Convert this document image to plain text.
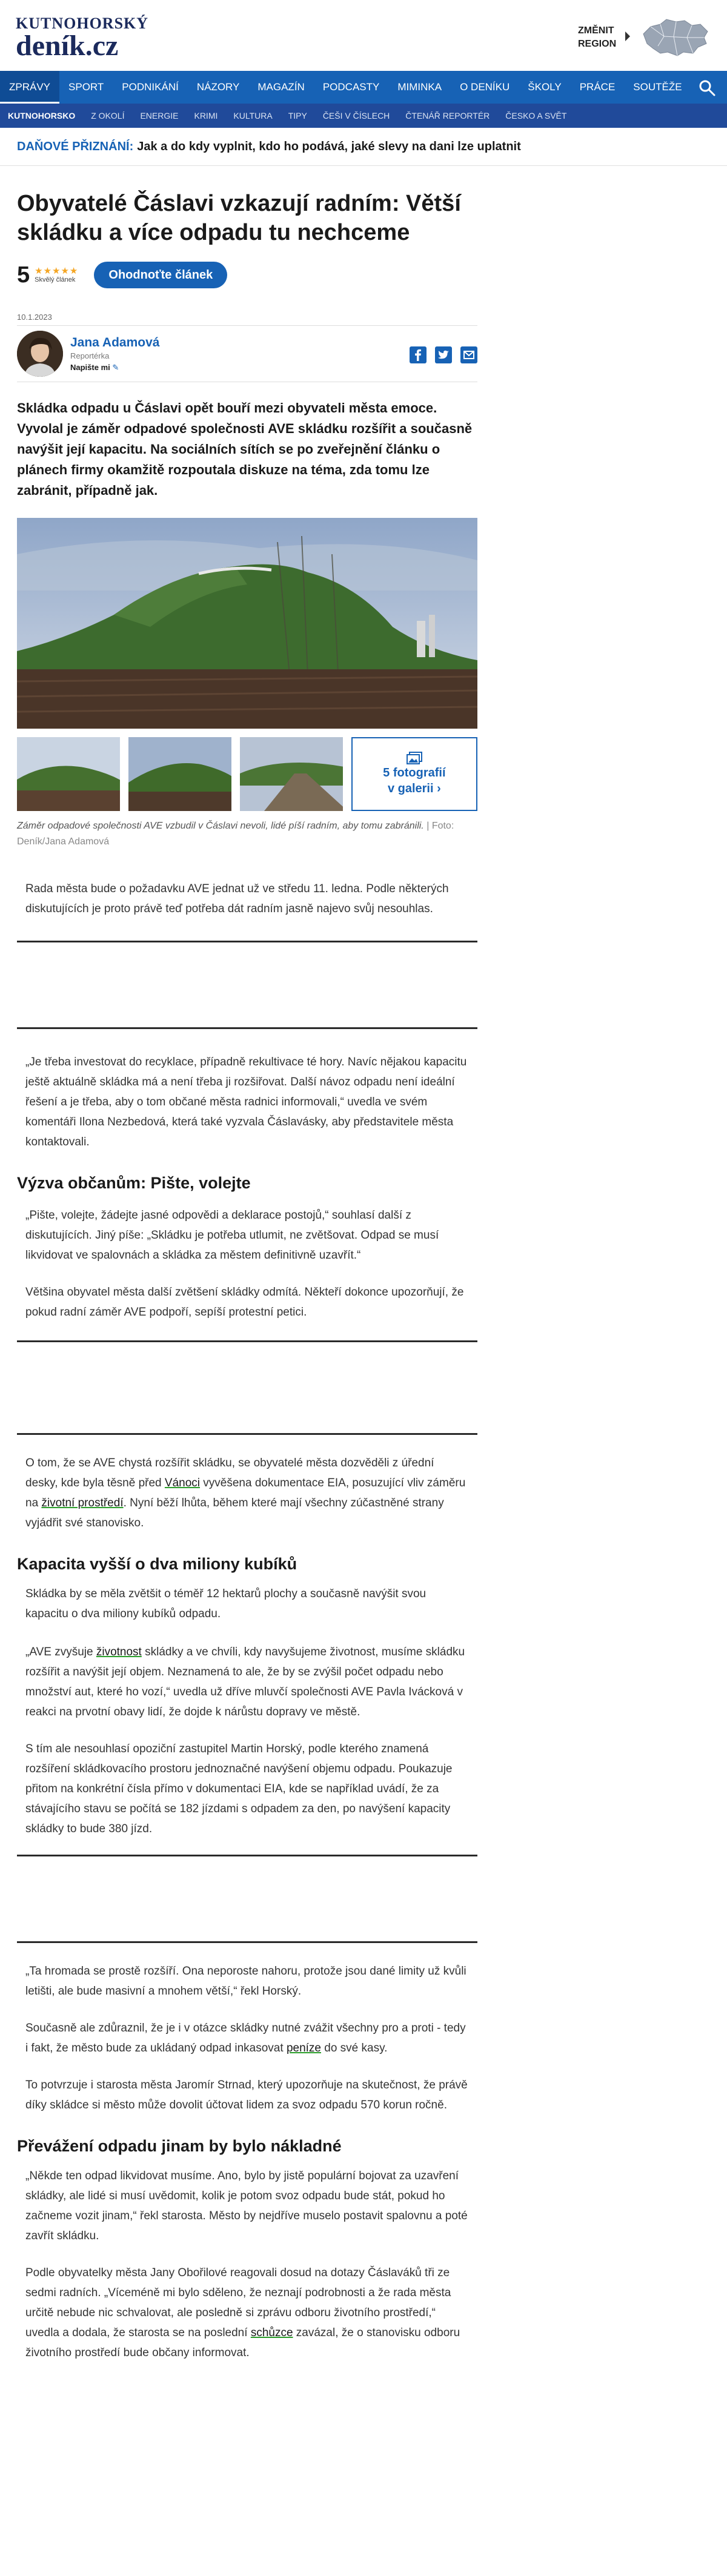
KUTNOHORSKÝ
deník.cz	ZMĚNIT
REGION
ZPRÁVY	SPORT	PODNIKÁNÍ	NÁZORY	MAGAZÍN	PODCASTY	MIMINKA	O DENÍKU	ŠKOLY	PRÁCE	SOUTĚŽE
KUTNOHORSKO	Z OKOLÍ	ENERGIE	KRIMI	KULTURA	TIPY	ČEŠI V ČÍSLECH	ČTENÁŘ REPORTÉR	ČESKO A SVĚT
DAŇOVÉ PŘIZNÁNÍ: Jak a do kdy vyplnit, kdo ho podává, jaké slevy na dani lze uplatnit
Obyvatelé Čáslavi vzkazují radním: Větší skládku a více odpadu tu nechceme
5 ★★★★★
Skvělý článek	Ohodnoťte článek
10.1.2023
Jana Adamová
Reportérka
Napište mi ✎

Skládka odpadu u Čáslavi opět bouří mezi obyvateli města emoce. Vyvolal je záměr odpadové společnosti AVE skládku rozšířit a současně navýšit její kapacitu. Na sociálních sítích se po zveřejnění článku o plánech firmy okamžitě rozpoutala diskuze na téma, zda tomu lze zabránit, případně jak.

5 fotografií
v galerii ›
Záměr odpadové společnosti AVE vzbudil v Čáslavi nevoli, lidé píší radním, aby tomu zabránili. | Foto: Deník/Jana Adamová

Rada města bude o požadavku AVE jednat už ve středu 11. ledna. Podle některých diskutujících je proto právě teď potřeba dát radním jasně najevo svůj nesouhlas.

„Je třeba investovat do recyklace, případně rekultivace té hory. Navíc nějakou kapacitu ještě aktuálně skládka má a není třeba ji rozšiřovat. Další návoz odpadu není ideální řešení a je třeba, aby o tom občané města radnici informovali,“ uvedla ve svém komentáři Ilona Nezbedová, která také vyzvala Čáslavásky, aby představitele města kontaktovali.

Výzva občanům: Pište, volejte

„Pište, volejte, žádejte jasné odpovědi a deklarace postojů,“ souhlasí další z diskutujících. Jiný píše: „Skládku je potřeba utlumit, ne zvětšovat. Odpad se musí likvidovat ve spalovnách a skládka za městem definitivně uzavřít.“

Většina obyvatel města další zvětšení skládky odmítá. Někteří dokonce upozorňují, že pokud radní záměr AVE podpoří, sepíší protestní petici.

O tom, že se AVE chystá rozšířit skládku, se obyvatelé města dozvěděli z úřední desky, kde byla těsně před Vánoci vyvěšena dokumentace EIA, posuzující vliv záměru na životní prostředí. Nyní běží lhůta, během které mají všechny zúčastněné strany vyjádřit své stanovisko.

Kapacita vyšší o dva miliony kubíků

Skládka by se měla zvětšit o téměř 12 hektarů plochy a současně navýšit svou kapacitu o dva miliony kubíků odpadu.

„AVE zvyšuje životnost skládky a ve chvíli, kdy navyšujeme životnost, musíme skládku rozšířit a navýšit její objem. Neznamená to ale, že by se zvýšil počet odpadu nebo množství aut, které ho vozí,“ uvedla už dříve mluvčí společnosti AVE Pavla Ivácková v reakci na prvotní obavy lidí, že dojde k nárůstu dopravy ve městě.

S tím ale nesouhlasí opoziční zastupitel Martin Horský, podle kterého znamená rozšíření skládkovacího prostoru jednoznačné navýšení objemu odpadu. Poukazuje přitom na konkrétní čísla přímo v dokumentaci EIA, kde se například uvádí, že za stávajícího stavu se počítá se 182 jízdami s odpadem za den, po navýšení kapacity skládky to bude 380 jízd.

„Ta hromada se prostě rozšíří. Ona neporoste nahoru, protože jsou dané limity už kvůli letišti, ale bude masivní a mnohem větší,“ řekl Horský.

Současně ale zdůraznil, že je i v otázce skládky nutné zvážit všechny pro a proti - tedy i fakt, že město bude za ukládaný odpad inkasovat peníze do své kasy.

To potvrzuje i starosta města Jaromír Strnad, který upozorňuje na skutečnost, že právě díky skládce si město může dovolit účtovat lidem za svoz odpadu 570 korun ročně.

Převážení odpadu jinam by bylo nákladné

„Někde ten odpad likvidovat musíme. Ano, bylo by jistě populární bojovat za uzavření skládky, ale lidé si musí uvědomit, kolik je potom svoz odpadu bude stát, pokud ho začneme vozit jinam,“ řekl starosta. Město by nejdříve muselo postavit spalovnu a poté zavřít skládku.

Podle obyvatelky města Jany Obořilové reagovali dosud na dotazy Čáslaváků tři ze sedmi radních. „Víceméně mi bylo sděleno, že neznají podrobnosti a že rada města určitě nebude nic schvalovat, ale posledně si zprávu odboru životního prostředí,“ uvedla a dodala, že starosta se na poslední schůzce zavázal, že o stanovisku odboru životního prostředí bude občany informovat.
